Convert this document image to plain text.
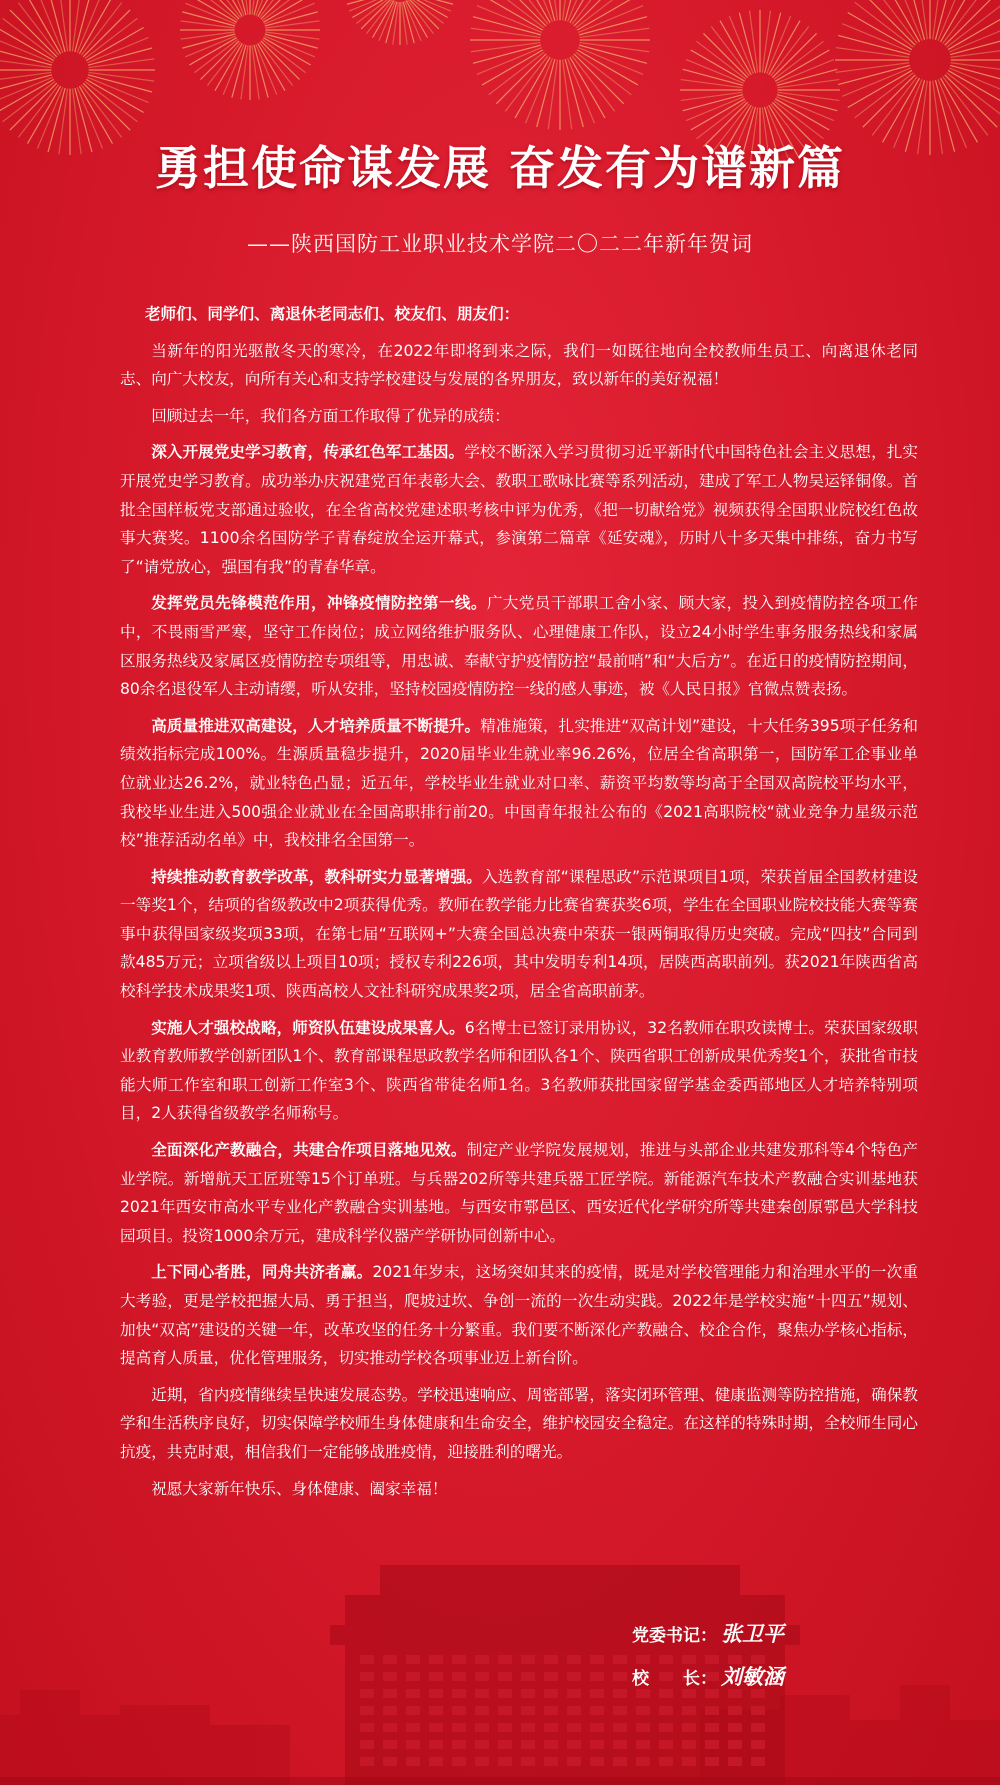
勇担使命谋发展 奋发有为谱新篇
——陕西国防工业职业技术学院二〇二二年新年贺词

老师们、同学们、离退休老同志们、校友们、朋友们：

当新年的阳光驱散冬天的寒冷，在2022年即将到来之际，我们一如既往地向全校教师生员工、向离退休老同志、向广大校友，向所有关心和支持学校建设与发展的各界朋友，致以新年的美好祝福！

回顾过去一年，我们各方面工作取得了优异的成绩：

深入开展党史学习教育，传承红色军工基因。学校不断深入学习贯彻习近平新时代中国特色社会主义思想，扎实开展党史学习教育。成功举办庆祝建党百年表彰大会、教职工歌咏比赛等系列活动，建成了军工人物吴运铎铜像。首批全国样板党支部通过验收，在全省高校党建述职考核中评为优秀，《把一切献给党》视频获得全国职业院校红色故事大赛奖。1100余名国防学子青春绽放全运开幕式，参演第二篇章《延安魂》，历时八十多天集中排练，奋力书写了“请党放心，强国有我”的青春华章。

发挥党员先锋模范作用，冲锋疫情防控第一线。广大党员干部职工舍小家、顾大家，投入到疫情防控各项工作中，不畏雨雪严寒，坚守工作岗位；成立网络维护服务队、心理健康工作队，设立24小时学生事务服务热线和家属区服务热线及家属区疫情防控专项组等，用忠诚、奉献守护疫情防控“最前哨”和“大后方”。在近日的疫情防控期间，80余名退役军人主动请缨，听从安排，坚持校园疫情防控一线的感人事迹，被《人民日报》官微点赞表扬。

高质量推进双高建设，人才培养质量不断提升。精准施策，扎实推进“双高计划”建设，十大任务395项子任务和绩效指标完成100%。生源质量稳步提升，2020届毕业生就业率96.26%，位居全省高职第一，国防军工企事业单位就业达26.2%，就业特色凸显；近五年，学校毕业生就业对口率、薪资平均数等均高于全国双高院校平均水平，我校毕业生进入500强企业就业在全国高职排行前20。中国青年报社公布的《2021高职院校“就业竞争力星级示范校”推荐活动名单》中，我校排名全国第一。

持续推动教育教学改革，教科研实力显著增强。入选教育部“课程思政”示范课项目1项，荣获首届全国教材建设一等奖1个，结项的省级教改中2项获得优秀。教师在教学能力比赛省赛获奖6项，学生在全国职业院校技能大赛等赛事中获得国家级奖项33项，在第七届“互联网+”大赛全国总决赛中荣获一银两铜取得历史突破。完成“四技”合同到款485万元；立项省级以上项目10项；授权专利226项，其中发明专利14项，居陕西高职前列。获2021年陕西省高校科学技术成果奖1项、陕西高校人文社科研究成果奖2项，居全省高职前茅。

实施人才强校战略，师资队伍建设成果喜人。6名博士已签订录用协议，32名教师在职攻读博士。荣获国家级职业教育教师教学创新团队1个、教育部课程思政教学名师和团队各1个、陕西省职工创新成果优秀奖1个，获批省市技能大师工作室和职工创新工作室3个、陕西省带徒名师1名。3名教师获批国家留学基金委西部地区人才培养特别项目，2人获得省级教学名师称号。

全面深化产教融合，共建合作项目落地见效。制定产业学院发展规划，推进与头部企业共建发那科等4个特色产业学院。新增航天工匠班等15个订单班。与兵器202所等共建兵器工匠学院。新能源汽车技术产教融合实训基地获2021年西安市高水平专业化产教融合实训基地。与西安市鄠邑区、西安近代化学研究所等共建秦创原鄠邑大学科技园项目。投资1000余万元，建成科学仪器产学研协同创新中心。

上下同心者胜，同舟共济者赢。2021年岁末，这场突如其来的疫情，既是对学校管理能力和治理水平的一次重大考验，更是学校把握大局、勇于担当，爬坡过坎、争创一流的一次生动实践。2022年是学校实施“十四五”规划、加快“双高”建设的关键一年，改革攻坚的任务十分繁重。我们要不断深化产教融合、校企合作，聚焦办学核心指标，提高育人质量，优化管理服务，切实推动学校各项事业迈上新台阶。

近期，省内疫情继续呈快速发展态势。学校迅速响应、周密部署，落实闭环管理、健康监测等防控措施，确保教学和生活秩序良好，切实保障学校师生身体健康和生命安全，维护校园安全稳定。在这样的特殊时期，全校师生同心抗疫，共克时艰，相信我们一定能够战胜疫情，迎接胜利的曙光。

祝愿大家新年快乐、身体健康、阖家幸福！

党委书记： 张卫平
校　　长： 刘敏涵
